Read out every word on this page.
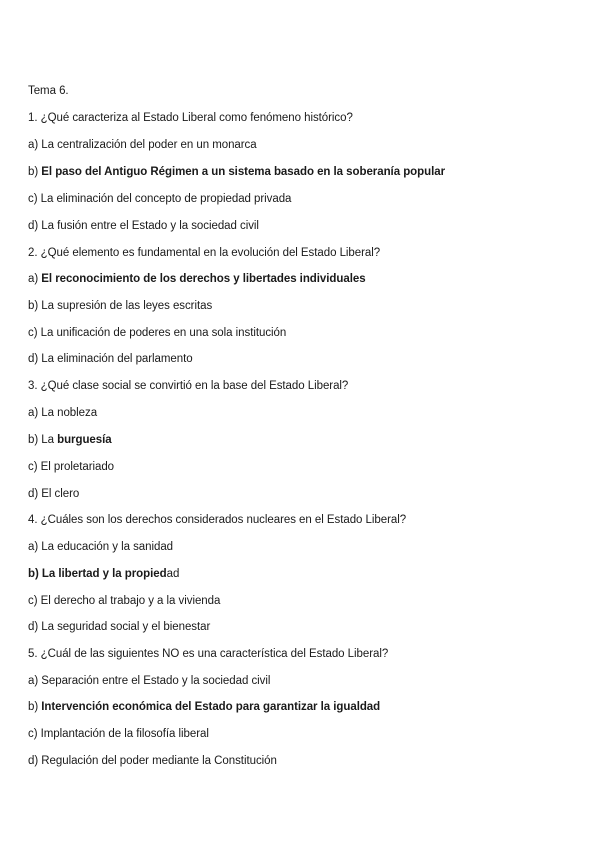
Tema 6.
1. ¿Qué caracteriza al Estado Liberal como fenómeno histórico?
a) La centralización del poder en un monarca
b) El paso del Antiguo Régimen a un sistema basado en la soberanía popular
c) La eliminación del concepto de propiedad privada
d) La fusión entre el Estado y la sociedad civil
2. ¿Qué elemento es fundamental en la evolución del Estado Liberal?
a) El reconocimiento de los derechos y libertades individuales
b) La supresión de las leyes escritas
c) La unificación de poderes en una sola institución
d) La eliminación del parlamento
3. ¿Qué clase social se convirtió en la base del Estado Liberal?
a) La nobleza
b) La burguesía
c) El proletariado
d) El clero
4. ¿Cuáles son los derechos considerados nucleares en el Estado Liberal?
a) La educación y la sanidad
b) La libertad y la propiedad
c) El derecho al trabajo y a la vivienda
d) La seguridad social y el bienestar
5. ¿Cuál de las siguientes NO es una característica del Estado Liberal?
a) Separación entre el Estado y la sociedad civil
b) Intervención económica del Estado para garantizar la igualdad
c) Implantación de la filosofía liberal
d) Regulación del poder mediante la Constitución
